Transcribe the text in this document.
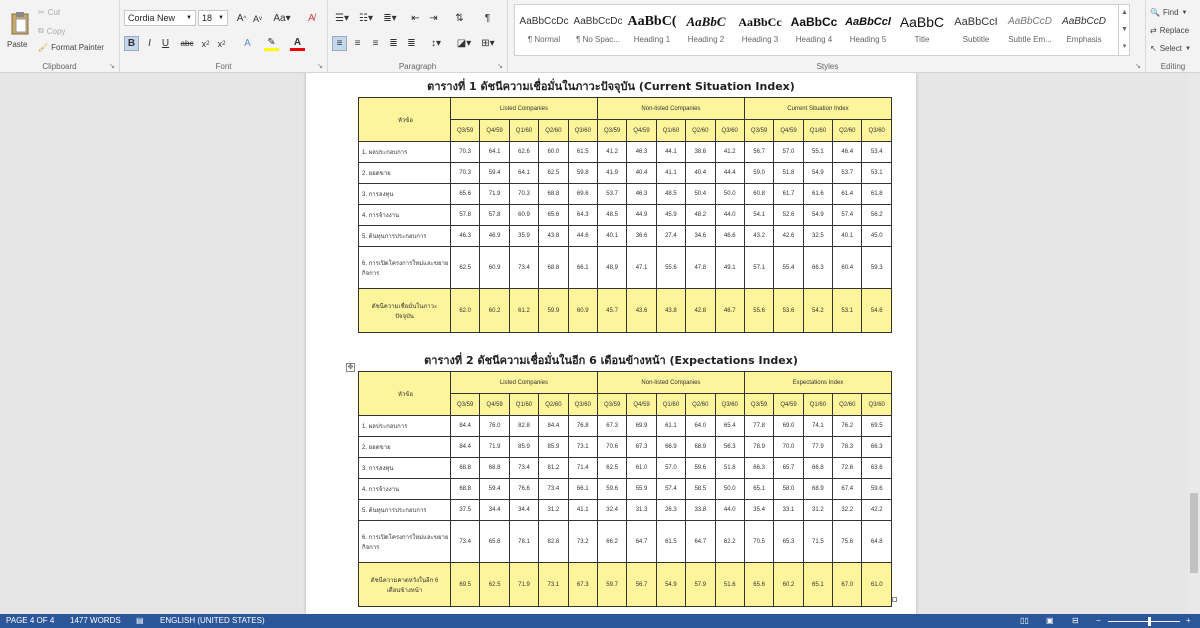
Paste
✂ Cut
⧉ Copy
🖌 Format Painter
Clipboard	↘
Cordia New ▼ 18 ▼ A ^ A v Aa▾	A̸
B	I	U	abc x 2 x 2	A	✎	A
Font	↘
☰▾	☷▾	≣▾	⇤ ⇥	⇅	¶
≡	≡	≡	≣ ≣	↕▾	◪▾	⊞▾
Paragraph	↘
AaBbCcDc
¶ Normal
AaBbCcDc
¶ No Spac...
AaBbC(
Heading 1
AaBbC
Heading 2
AaBbCc
Heading 3
AaBbCc
Heading 4
AaBbCcl
Heading 5
AaBbC
Title
AaBbCcI
Subtitle
AaBbCcD
Subtle Em...
AaBbCcD
Emphasis
▲
▼
▾
Styles	↘
🔍 Find ▼
⇄ Replace
↖ Select ▼
Editing
ตารางที่ 1 ดัชนีความเชื่อมั่นในภาวะปัจจุบัน (Current Situation Index)
หัวข้อ	Listed Companies					Non-listed Companies					Current Situation Index				
	Q3/59	Q4/59	Q1/60	Q2/60	Q3/60	Q3/59	Q4/59	Q1/60	Q2/60	Q3/60	Q3/59	Q4/59	Q1/60	Q2/60	Q3/60
1. ผลประกอบการ	70.3	64.1	62.6	60.0	61.5	41.2	46.3	44.1	38.6	41.2	56.7	57.0	55.1	46.4	53.4
2. ยอดขาย	70.3	59.4	64.1	62.5	59.8	41.9	40.4	41.1	40.4	44.4	59.0	51.8	54.9	53.7	53.1
3. การลงทุน	65.6	71.9	70.3	68.8	69.6	53.7	46.3	48.5	50.4	50.0	60.8	61.7	61.6	61.4	61.8
4. การจ้างงาน	57.8	57.8	60.9	65.6	64.3	48.5	44.9	45.9	48.2	44.0	54.1	52.6	54.9	57.4	56.2
5. ต้นทุนการประกอบการ	46.3	46.9	35.9	43.8	44.6	40.1	36.6	27.4	34.6	46.6	43.2	42.6	32.5	40.1	45.0
6. การเปิดโครงการใหม่และขยายกิจการ	62.5	60.9	73.4	68.8	66.1	48.9	47.1	55.6	47.8	49.1	57.1	55.4	66.3	60.4	59.3
ดัชนีความเชื่อมั่นในภาวะปัจจุบัน	62.0	60.2	61.2	59.9	60.9	45.7	43.6	43.8	42.8	46.7	55.6	53.6	54.2	53.1	54.6
✥
ตารางที่ 2 ดัชนีความเชื่อมั่นในอีก 6 เดือนข้างหน้า (Expectations Index)
หัวข้อ	Listed Companies					Non-listed Companies					Expectations Index				
	Q3/59	Q4/59	Q1/60	Q2/60	Q3/60	Q3/59	Q4/59	Q1/60	Q2/60	Q3/60	Q3/59	Q4/59	Q1/60	Q2/60	Q3/60
1. ผลประกอบการ	84.4	76.0	82.8	84.4	76.8	67.3	69.9	61.1	64.0	65.4	77.8	69.0	74.1	76.2	69.5
2. ยอดขาย	84.4	71.9	85.9	85.9	73.1	70.6	67.3	66.9	68.9	56.3	78.9	70.0	77.9	78.3	66.3
3. การลงทุน	68.8	68.8	73.4	81.2	71.4	62.5	61.0	57.0	59.6	51.8	66.3	65.7	66.8	72.6	63.6
4. การจ้างงาน	68.8	59.4	76.6	73.4	66.1	59.6	55.9	57.4	58.5	50.0	65.1	58.0	68.9	67.4	59.6
5. ต้นทุนการประกอบการ	37.5	34.4	34.4	31.2	41.1	32.4	31.3	26.3	33.8	44.0	35.4	33.1	31.2	32.2	42.2
6. การเปิดโครงการใหม่และขยายกิจการ	73.4	65.6	78.1	82.8	73.2	66.2	64.7	61.5	64.7	62.2	70.5	65.3	71.5	75.6	64.8
ดัชนีความคาดหวังในอีก 6 เดือนข้างหน้า	69.5	62.5	71.9	73.1	67.3	59.7	56.7	54.9	57.9	51.6	65.6	60.2	65.1	67.0	61.0
PAGE 4 OF 4 1477 WORDS ▤ ENGLISH (UNITED STATES)	▯▯ ▣ ⊟ −	+
